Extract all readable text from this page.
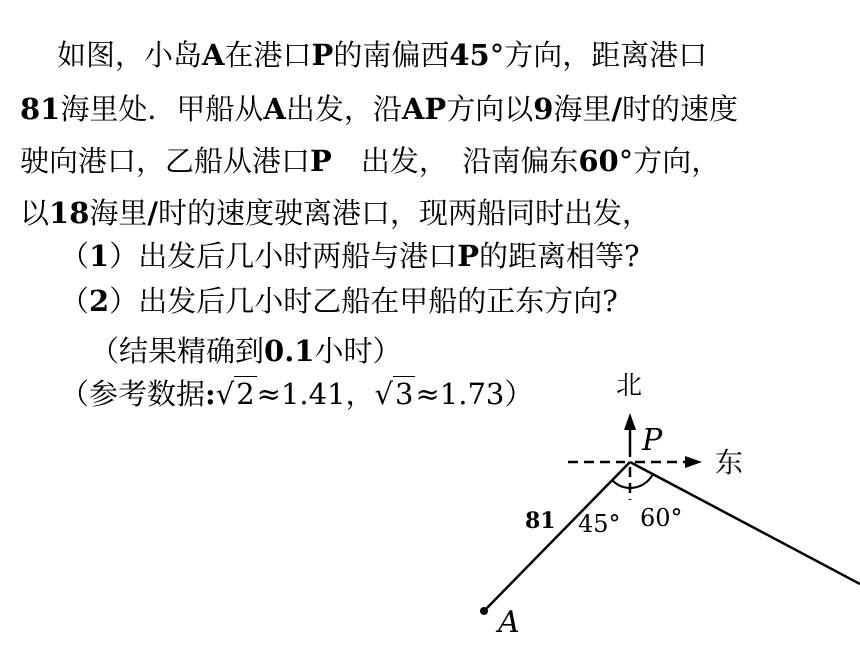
如图，小岛A在港口P的南偏西45°方向，距离港口
81海里处．甲船从A出发，沿AP方向以9海里/时的速度
驶向港口，乙船从港口P　出发，　沿南偏东60°方向，
以18海里/时的速度驶离港口，现两船同时出发，
（1）出发后几小时两船与港口P的距离相等?
（2）出发后几小时乙船在甲船的正东方向?
（结果精确到0.1小时）
（参考数据:√2≈1.41，√3≈1.73）	北
东
P
A
81 45° 60°
